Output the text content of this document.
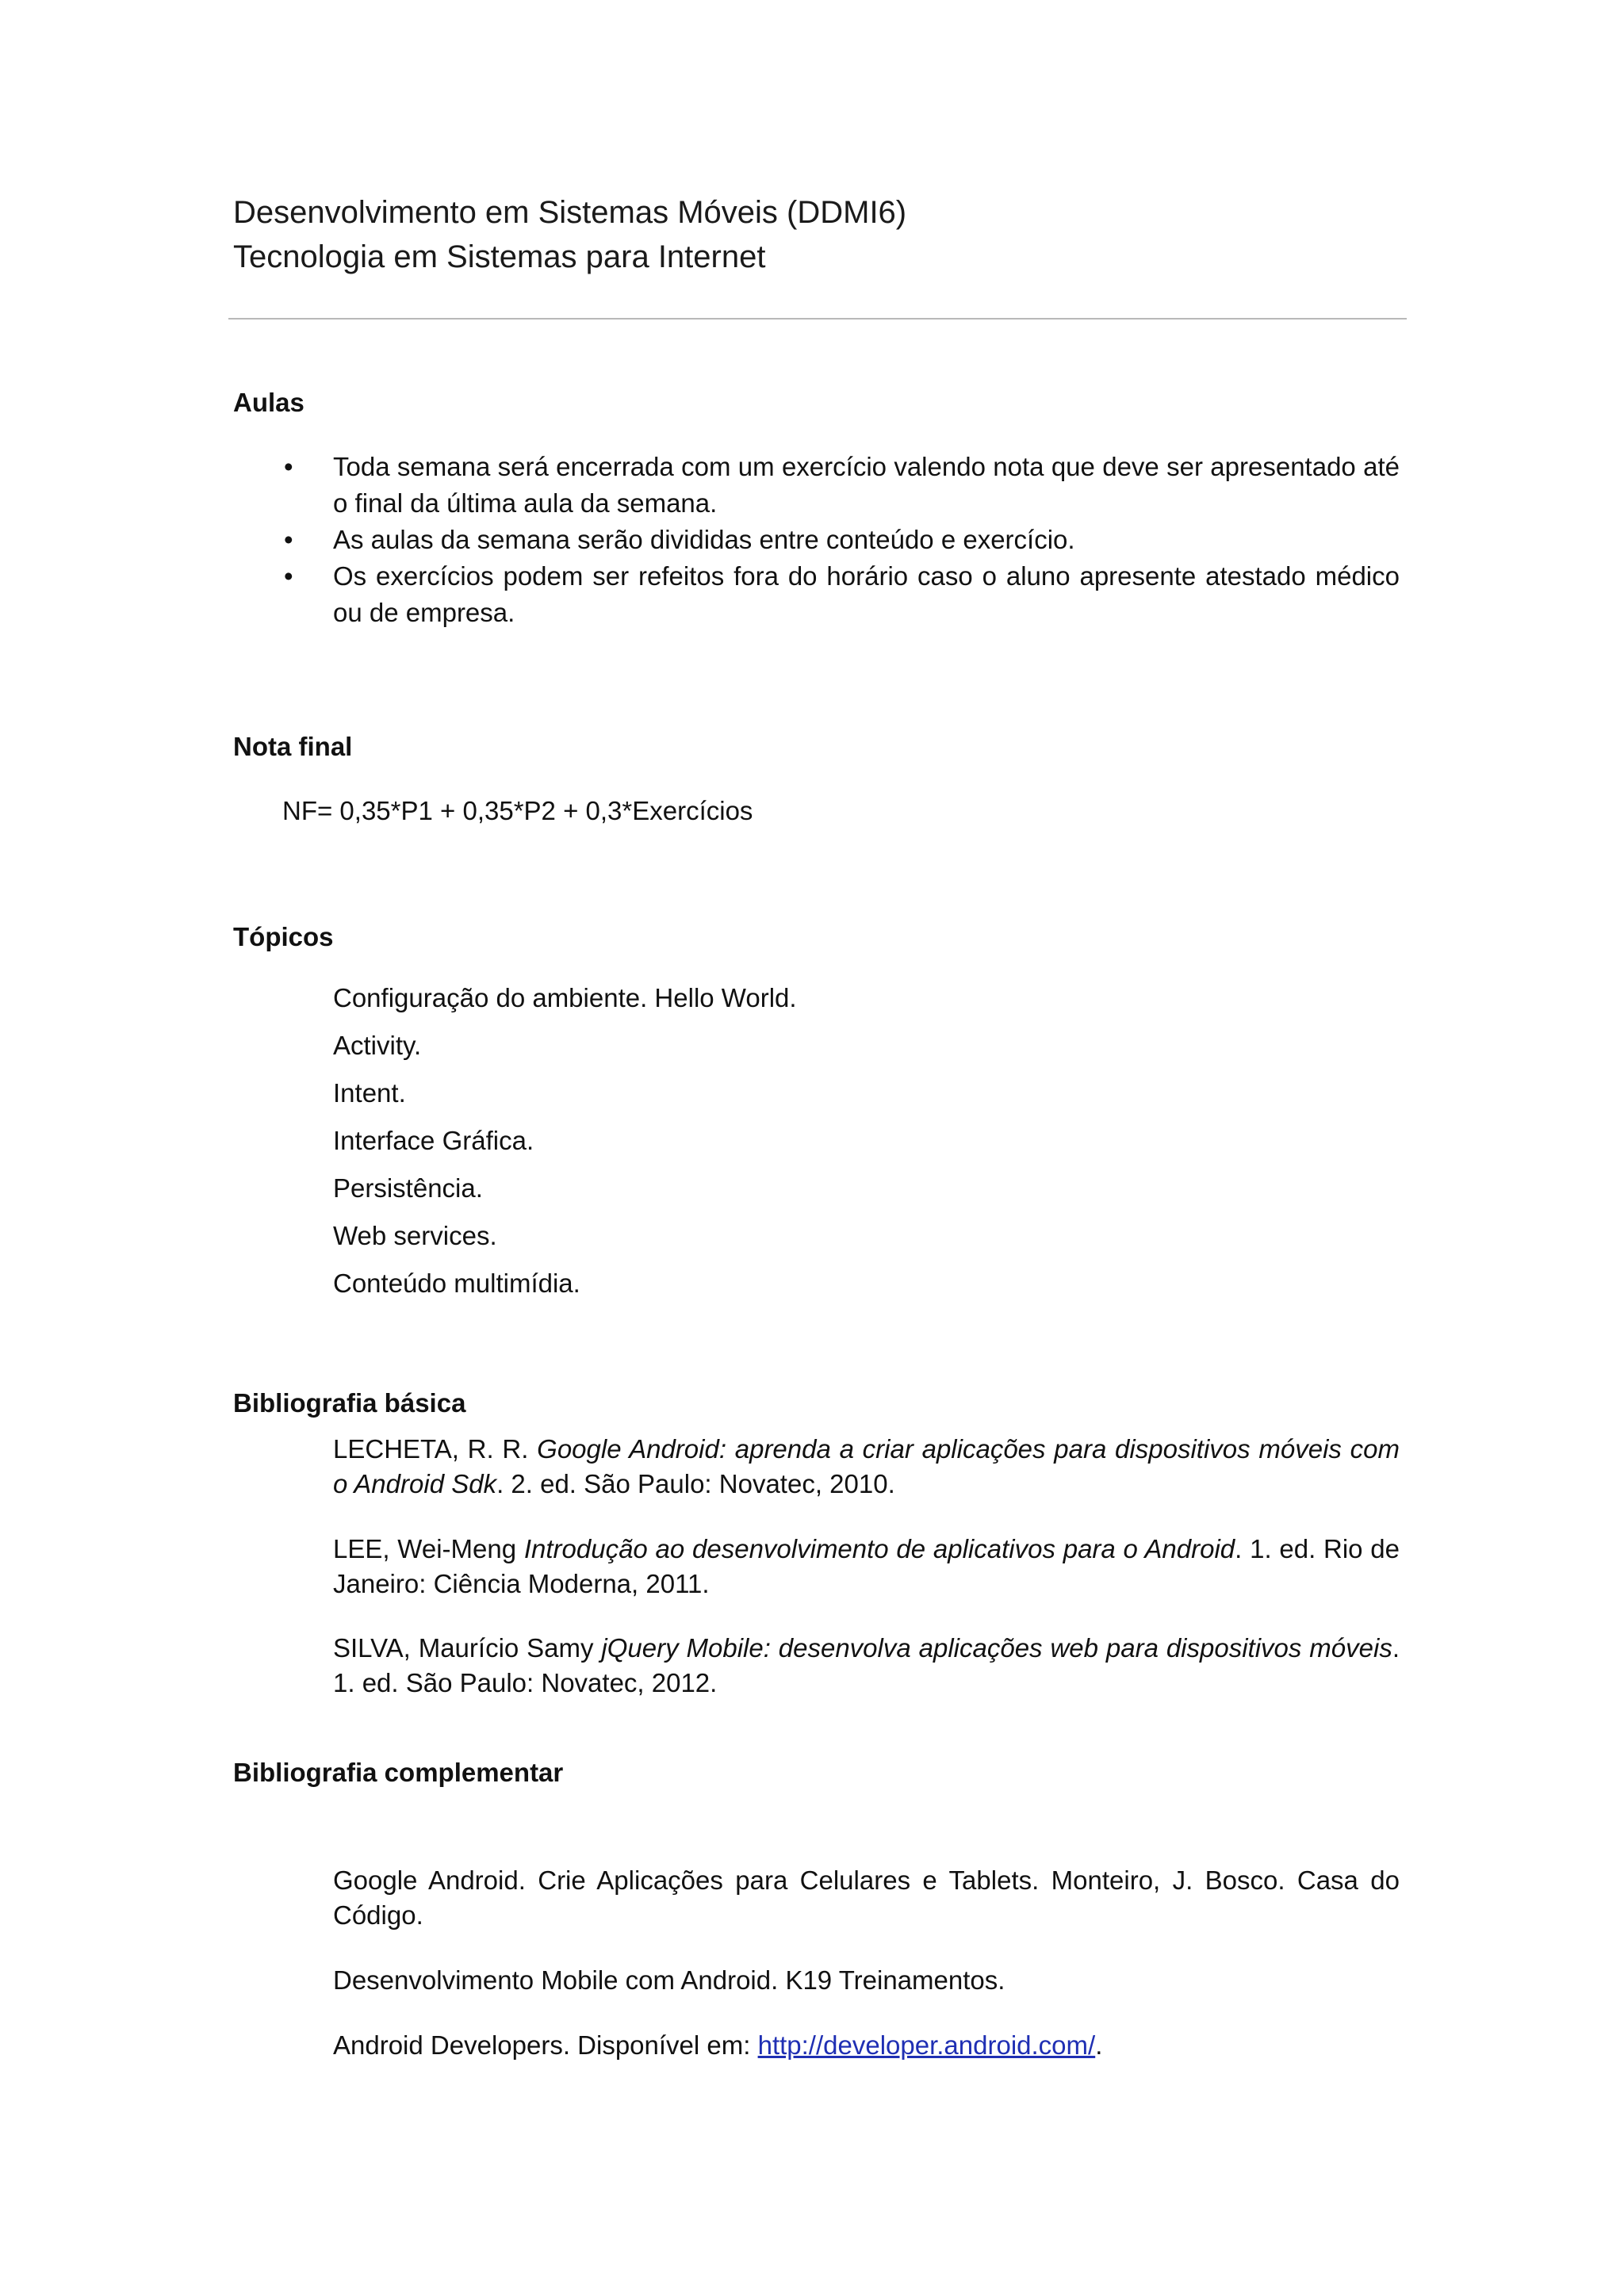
Desenvolvimento em Sistemas Móveis (DDMI6)
Tecnologia em Sistemas para Internet
Aulas
• Toda semana será encerrada com um exercício valendo nota que deve ser apresentado até o final da última aula da semana.
• As aulas da semana serão divididas entre conteúdo e exercício.
• Os exercícios podem ser refeitos fora do horário caso o aluno apresente atestado médico ou de empresa.
Nota final
NF= 0,35*P1 + 0,35*P2 + 0,3*Exercícios
Tópicos
Configuração do ambiente. Hello World.
Activity.
Intent.
Interface Gráfica.
Persistência.
Web services.
Conteúdo multimídia.
Bibliografia básica

LECHETA, R. R. Google Android: aprenda a criar aplicações para dispositivos móveis com o Android Sdk. 2. ed. São Paulo: Novatec, 2010.

LEE, Wei-Meng Introdução ao desenvolvimento de aplicativos para o Android. 1. ed. Rio de Janeiro: Ciência Moderna, 2011.

SILVA, Maurício Samy jQuery Mobile: desenvolva aplicações web para dispositivos móveis. 1. ed. São Paulo: Novatec, 2012.

Bibliografia complementar

Google Android. Crie Aplicações para Celulares e Tablets. Monteiro, J. Bosco. Casa do Código.

Desenvolvimento Mobile com Android. K19 Treinamentos.

Android Developers. Disponível em: http://developer.android.com/.
